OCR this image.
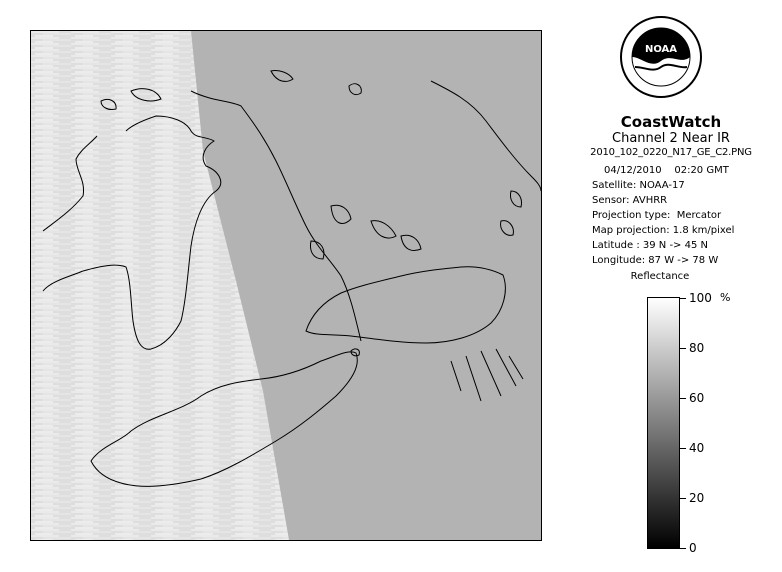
NOAA
CoastWatch
Channel 2 Near IR
2010_102_0220_N17_GE_C2.PNG
04/12/2010    02:20 GMT
Satellite: NOAA-17
Sensor: AVHRR
Projection type:  Mercator
Map projection: 1.8 km/pixel
Latitude : 39 N -> 45 N
Longitude: 87 W -> 78 W
Reflectance
%
100
80
60
40
20
0
